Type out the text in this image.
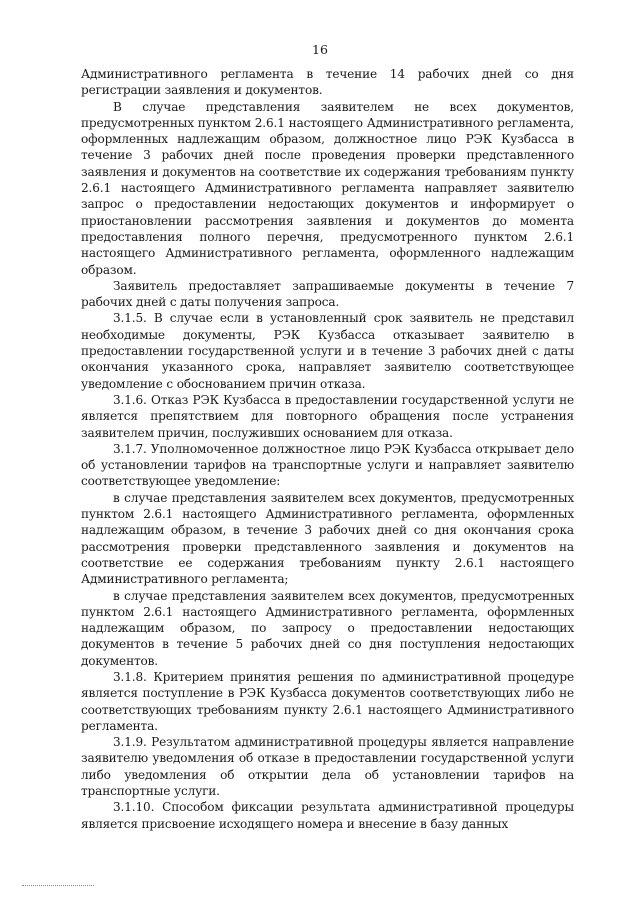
16

Административного регламента в течение 14 рабочих дней со дня регистрации заявления и документов.

В случае представления заявителем не всех документов, предусмотренных пунктом 2.6.1 настоящего Административного регламента, оформленных надлежащим образом, должностное лицо РЭК Кузбасса в течение 3 рабочих дней после проведения проверки представленного заявления и документов на соответствие их содержания требованиям пункту 2.6.1 настоящего Административного регламента направляет заявителю запрос о предоставлении недостающих документов и информирует о приостановлении рассмотрения заявления и документов до момента предоставления полного перечня, предусмотренного пунктом 2.6.1 настоящего Административного регламента, оформленного надлежащим образом.

Заявитель предоставляет запрашиваемые документы в течение 7 рабочих дней с даты получения запроса.

3.1.5. В случае если в установленный срок заявитель не представил необходимые документы, РЭК Кузбасса отказывает заявителю в предоставлении государственной услуги и в течение 3 рабочих дней с даты окончания указанного срока, направляет заявителю соответствующее уведомление с обоснованием причин отказа.

3.1.6. Отказ РЭК Кузбасса в предоставлении государственной услуги не является препятствием для повторного обращения после устранения заявителем причин, послуживших основанием для отказа.

3.1.7. Уполномоченное должностное лицо РЭК Кузбасса открывает дело об установлении тарифов на транспортные услуги и направляет заявителю соответствующее уведомление:

в случае представления заявителем всех документов, предусмотренных пунктом 2.6.1 настоящего Административного регламента, оформленных надлежащим образом, в течение 3 рабочих дней со дня окончания срока рассмотрения проверки представленного заявления и документов на соответствие ее содержания требованиям пункту 2.6.1 настоящего Административного регламента;

в случае представления заявителем всех документов, предусмотренных пунктом 2.6.1 настоящего Административного регламента, оформленных надлежащим образом, по запросу о предоставлении недостающих документов в течение 5 рабочих дней со дня поступления недостающих документов.

3.1.8. Критерием принятия решения по административной процедуре является поступление в РЭК Кузбасса документов соответствующих либо не соответствующих требованиям пункту 2.6.1 настоящего Административного регламента.

3.1.9. Результатом административной процедуры является направление заявителю уведомления об отказе в предоставлении государственной услуги либо уведомления об открытии дела об установлении тарифов на транспортные услуги.

3.1.10. Способом фиксации результата административной процедуры является присвоение исходящего номера и внесение в базу данных
